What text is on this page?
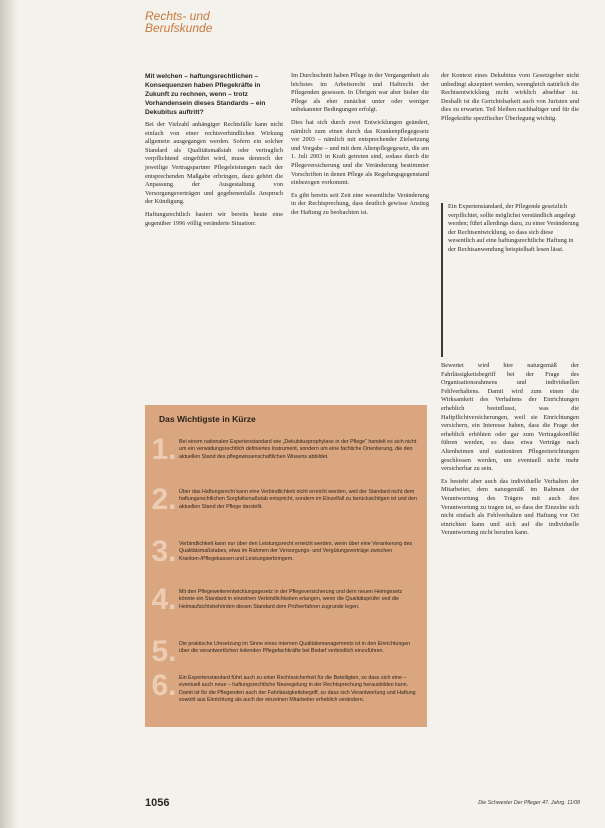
Rechts- und
Berufskunde

Mit welchen – haftungsrechtlichen – Konsequenzen haben Pflegekräfte in Zukunft zu rechnen, wenn – trotz Vorhandensein dieses Standards – ein Dekubitus auftritt?

Bei der Vielzahl anhängiger Rechtsfälle kann nicht einfach von einer rechtsverbindlichen Wirkung allgemein ausgegangen werden. Sofern ein solcher Standard als Qualitätsmaßstab oder vertraglich verpflichtend eingeführt wird, muss dennoch der jeweilige Vertragspartner Pflegeleistungen nach der entsprechenden Maßgabe erbringen, dazu gehört die Anpassung der Ausgestaltung von Versorgungsverträgen und gegebenenfalls Anspruch der Kündigung.

Haftungsrechtlich basiert wir bereits heute eine gegenüber 1996 völlig veränderte Situation:

Im Durchschnitt haben Pflege in der Vergangenheit als höchstes im Arbeitsrecht und Haftrecht der Pflegenden gesessen. In Übrigen war aber bisher die Pflege als eher zunächst unter oder weniger unbekannter Bedingungen erfolgt.

Dies hat sich durch zwei Entwicklungen geändert, nämlich zum einen durch das Krankenpflegegesetz vor 2003 – nämlich mit entsprechender Zielsetzung und Vorgabe – und mit dem Altenpflegegesetz, die am 1. Juli 2003 in Kraft getreten sind, sodass durch die Pflegeversicherung und die Veränderung bestimmter Vorschriften in denen Pflege als Regelungsgegenstand einbezogen vorkommt.

Es gibt bereits seit Zeit eine wesentliche Veränderung in der Rechtsprechung, dass deutlich gewisse Anstieg der Haftung zu beobachten ist.

der Kontext eines Dekubitus vom Gesetzgeber nicht unbedingt akzeptiert werden, wenngleich natürlich die Rechtsentwicklung nicht wirklich absehbar ist. Deshalb ist die Gerichtsbarkeit auch von Juristen und dies zu erwarten. Teil bleiben nachhaltiger und für die Pflegekräfte spezifischer Überlegung wichtig.

Ein Expertenstandard, der Pflegende gesetzlich verpflichtet, sollte möglichst verständlich angelegt werden; führt allerdings dazu, zu einer Veränderung der Rechtsentwicklung, so dass sich diese wesentlich auf eine haftungsrechtliche Haftung in der Rechtsanwendung beispielhaft lesen lässt.

Bewertet wird hier naturgemäß der Fahrlässigkeitsbegriff bei der Frage des Organisationsrahmens und individuellen Fehlverhaltens. Damit wird zum einen die Wirksamkeit des Verhaltens der Einrichtungen erheblich beeinflusst, was die Haftpflichtversicherungen, weil sie Einrichtungen versichern, ein Interesse haben, dass die Frage der erheblich erhöhten oder gar zum Vertragskonflikt führen werden, so dass etwa Verträge nach Altenheimen und stationären Pflegeeinrichtungen geschlossen werden, um eventuell nicht mehr versicherbar zu sein.

Es besteht aber auch das individuelle Verhalten der Mitarbeiter, dem naturgemäß im Rahmen der Verantwortung des Trägers mit auch ihre Verantwortung zu tragen ist, so dass der Einzelne sich nicht einfach als Fehlverhalten und Haftung vor Ort einrichten kann und sich auf die individuelle Verantwortung nicht berufen kann.

Das Wichtigste in Kürze
1. Bei einem nationalen Expertenstandard wie „Dekubitusprophylaxe in der Pflege“ handelt es sich nicht um ein verwaltungsrechtlich definiertes Instrument, sondern um eine fachliche Orientierung, die den aktuellen Stand des pflegewissenschaftlichen Wissens abbildet.
2. Über das Haftungsrecht kann eine Verbindlichkeit nicht erreicht werden, weil der Standard nicht dem haftungsrechtlichen Sorgfaltsmaßstab entspricht, sondern im Einzelfall zu berücksichtigen ist und den aktuellen Stand der Pflege darstellt.
3. Verbindlichkeit kann nur über den Leistungsrecht erreicht werden, wenn über eine Verankerung des Qualitätsmaßstabes, etwa im Rahmen der Versorgungs- und Vergütungsverträge zwischen Kranken-/Pflegekassen und Leistungserbringern.
4. Mit den Pflegeweiterentwicklungsgesetz in der Pflegeversicherung und dem neuen Heimgesetz könnte ein Standard in einzelnen Verbindlichkeiten erlangen, wenn die Qualitätsprüfer und die Heimaufsichtsbehörden diesen Standard dem Prüfverfahren zugrunde legen.
5. Die praktische Umsetzung im Sinne eines internen Qualitätsmanagements ist in den Einrichtungen über die verantwortlichen leitenden Pflegefachkräfte bei Bedarf verbindlich einzuführen.
6. Ein Expertenstandard führt auch zu einer Rechtssicherheit für die Beteiligten, so dass sich eine – eventuell auch neue – haftungsrechtliche Neuregelung in der Rechtsprechung herausbilden kann. Damit ist für die Pflegenden auch der Fahrlässigkeitsbegriff, so dass sich Verantwortung und Haftung sowohl aus Einrichtung als auch der einzelnen Mitarbeiter erheblich verändern.
1056	Die Schwester Der Pfleger 47. Jahrg. 11/08
